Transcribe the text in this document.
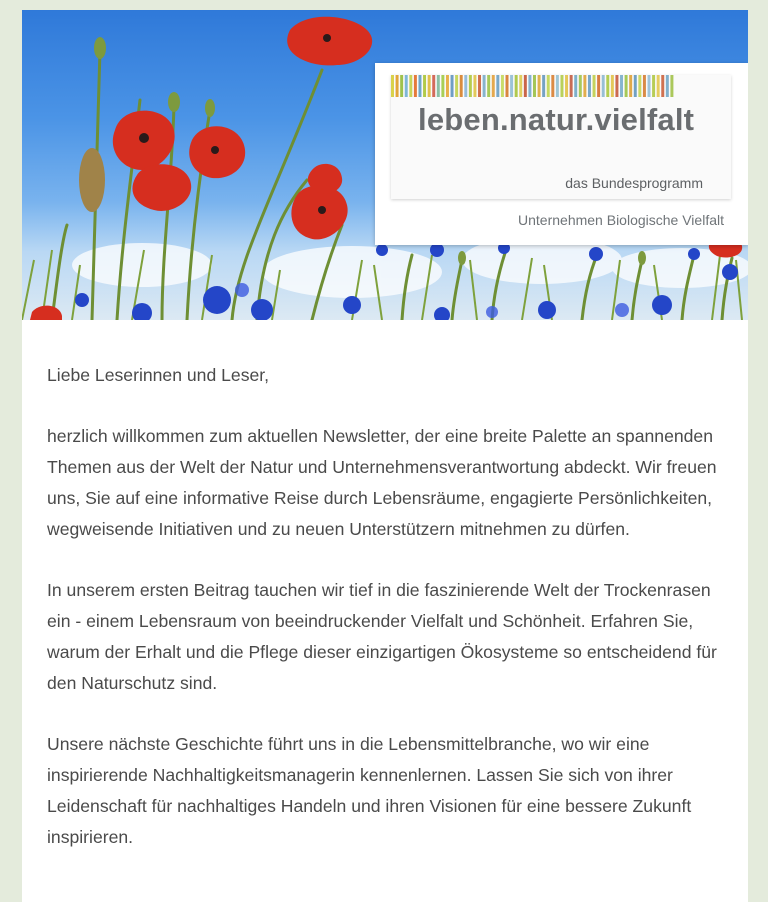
leben.natur.vielfalt
das Bundesprogramm
Unternehmen Biologische Vielfalt

Liebe Leserinnen und Leser,

herzlich willkommen zum aktuellen Newsletter, der eine breite Palette an spannenden Themen aus der Welt der Natur und Unternehmensverantwortung abdeckt. Wir freuen uns, Sie auf eine informative Reise durch Lebensräume, engagierte Persönlichkeiten, wegweisende Initiativen und zu neuen Unterstützern mitnehmen zu dürfen.

In unserem ersten Beitrag tauchen wir tief in die faszinierende Welt der Trockenrasen ein - einem Lebensraum von beeindruckender Vielfalt und Schönheit. Erfahren Sie, warum der Erhalt und die Pflege dieser einzigartigen Ökosysteme so entscheidend für den Naturschutz sind.

Unsere nächste Geschichte führt uns in die Lebensmittelbranche, wo wir eine inspirierende Nachhaltigkeitsmanagerin kennenlernen. Lassen Sie sich von ihrer Leidenschaft für nachhaltiges Handeln und ihren Visionen für eine bessere Zukunft inspirieren.
